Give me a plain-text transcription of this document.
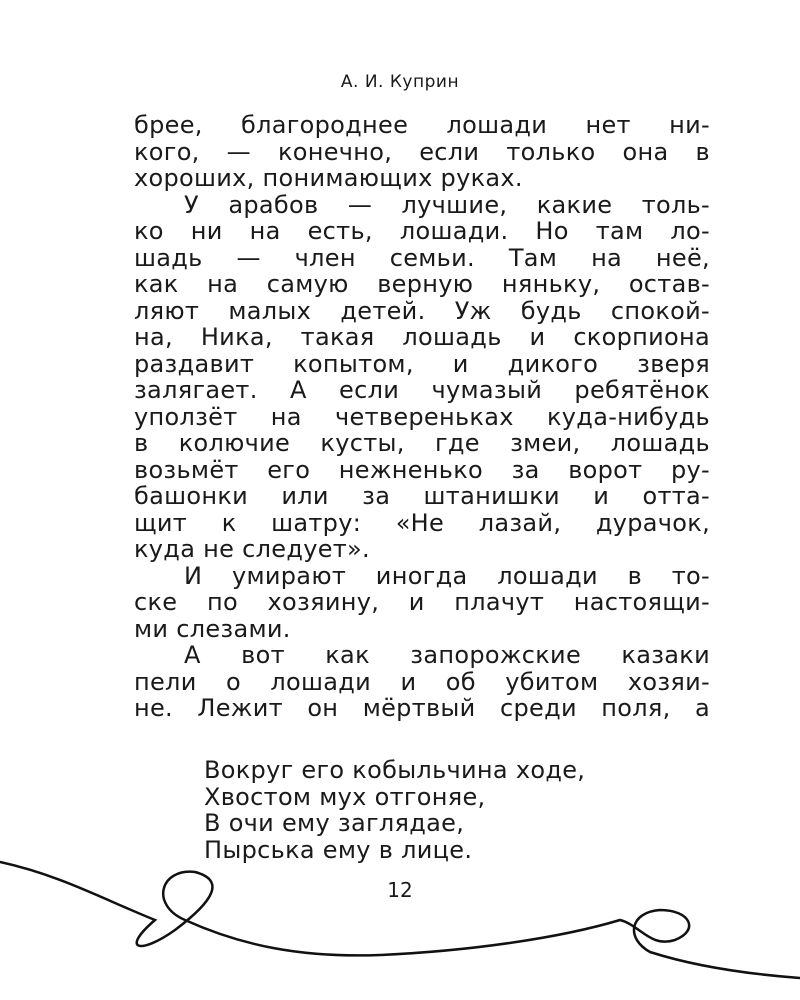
А. И. Куприн
брее, благороднее лошади нет ни-
кого, — конечно, если только она в
хороших, понимающих руках.
У арабов — лучшие, какие толь-
ко ни на есть, лошади. Но там ло-
шадь — член семьи. Там на неё,
как на самую верную няньку, остав-
ляют малых детей. Уж будь спокой-
на, Ника, такая лошадь и скорпиона
раздавит копытом, и дикого зверя
залягает. А если чумазый ребятёнок
уползёт на четвереньках куда-нибудь
в колючие кусты, где змеи, лошадь
возьмёт его нежненько за ворот ру-
башонки или за штанишки и отта-
щит к шатру: «Не лазай, дурачок,
куда не следует».
И умирают иногда лошади в то-
ске по хозяину, и плачут настоящи-
ми слезами.
А вот как запорожские казаки
пели о лошади и об убитом хозяи-
не. Лежит он мёртвый среди поля, а
Вокруг его кобыльчина ходе,
Хвостом мух отгоняе,
В очи ему заглядае,
Пырська ему в лице.
12
